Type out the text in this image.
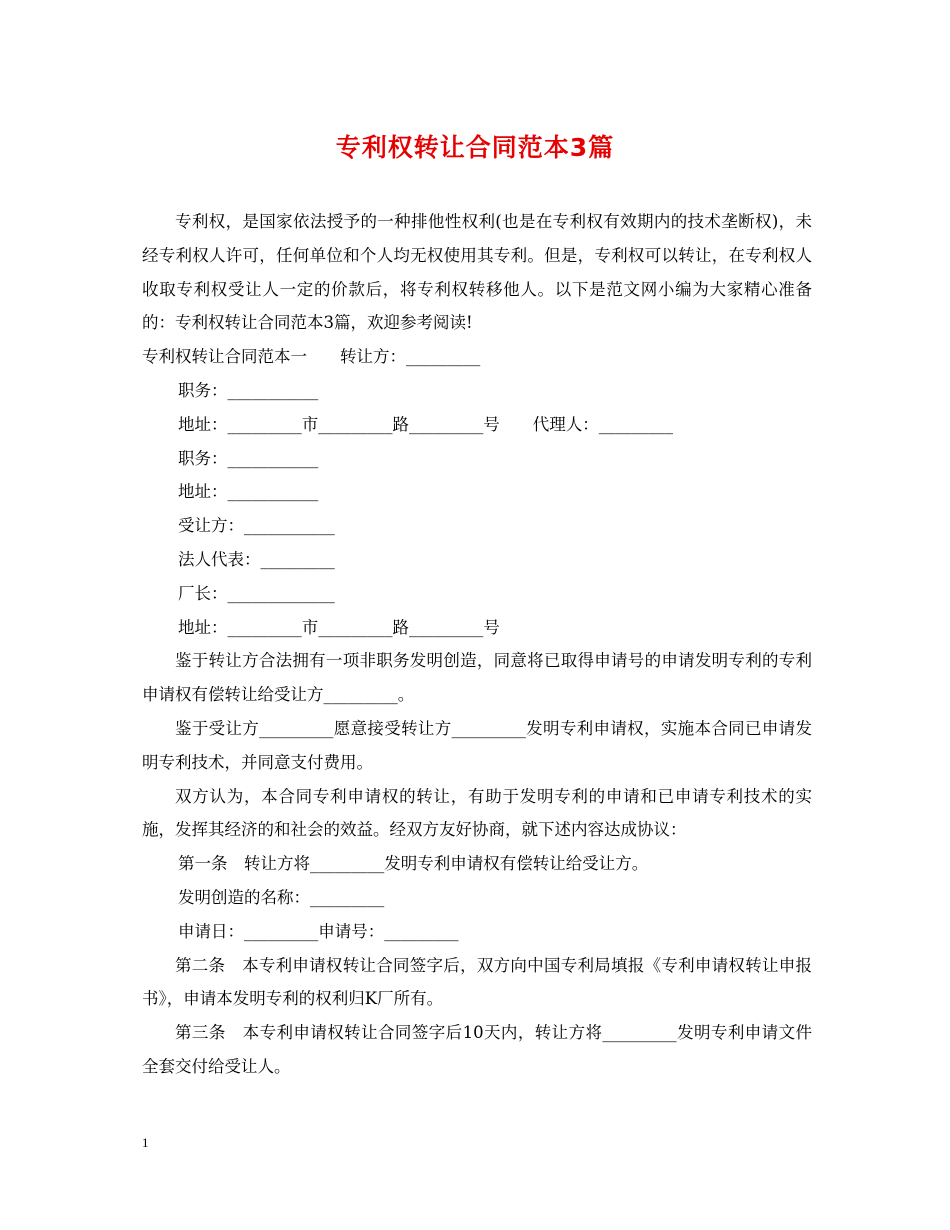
专利权转让合同范本3篇

专利权，是国家依法授予的一种排他性权利(也是在专利权有效期内的技术垄断权)，未经专利权人许可，任何单位和个人均无权使用其专利。但是，专利权可以转让，在专利权人收取专利权受让人一定的价款后，将专利权转移他人。以下是范文网小编为大家精心准备的：专利权转让合同范本3篇，欢迎参考阅读!

专利权转让合同范本一　　转让方：_________

职务：___________

地址：_________市_________路_________号　　代理人：_________

职务：___________

地址：___________

受让方：___________

法人代表：_________

厂长：_____________

地址：_________市_________路_________号

鉴于转让方合法拥有一项非职务发明创造，同意将已取得申请号的申请发明专利的专利申请权有偿转让给受让方_________。

鉴于受让方_________愿意接受转让方_________发明专利申请权，实施本合同已申请发明专利技术，并同意支付费用。

双方认为，本合同专利申请权的转让，有助于发明专利的申请和已申请专利技术的实施，发挥其经济的和社会的效益。经双方友好协商，就下述内容达成协议：

第一条　转让方将_________发明专利申请权有偿转让给受让方。

发明创造的名称：_________

申请日：_________申请号：_________

第二条　本专利申请权转让合同签字后，双方向中国专利局填报《专利申请权转让申报书》，申请本发明专利的权利归K厂所有。

第三条　本专利申请权转让合同签字后10天内，转让方将_________发明专利申请文件全套交付给受让人。

1
